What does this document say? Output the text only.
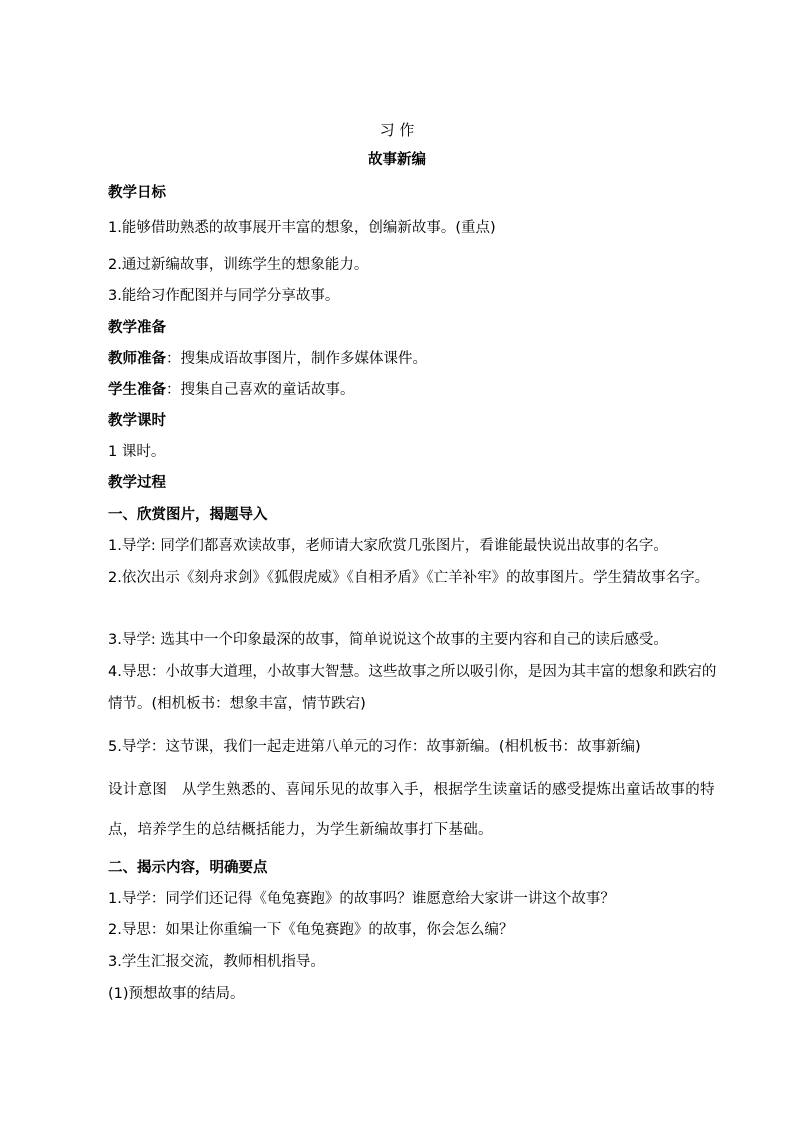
习 作
故事新编
教学日标
1.能够借助熟悉的故事展开丰富的想象，创编新故事。(重点)
2.通过新编故事，训练学生的想象能力。
3.能给习作配图并与同学分享故事。
教学准备
教师准备：搜集成语故事图片，制作多媒体课件。
学生准备：搜集自己喜欢的童话故事。
教学课时
1 课时。
教学过程
一、欣赏图片，揭题导入
1.导学: 同学们都喜欢读故事，老师请大家欣赏几张图片，看谁能最快说出故事的名字。
2.依次出示《刻舟求剑》《狐假虎威》《自相矛盾》《亡羊补牢》的故事图片。学生猜故事名字。
3.导学: 选其中一个印象最深的故事，简单说说这个故事的主要内容和自己的读后感受。
4.导思：小故事大道理，小故事大智慧。这些故事之所以吸引你，是因为其丰富的想象和跌宕的情节。(相机板书：想象丰富，情节跌宕)
5.导学：这节课，我们一起走进第八单元的习作：故事新编。(相机板书：故事新编)
设计意图　从学生熟悉的、喜闻乐见的故事入手，根据学生读童话的感受提炼出童话故事的特点，培养学生的总结概括能力，为学生新编故事打下基础。
二、揭示内容，明确要点
1.导学：同学们还记得《龟兔赛跑》的故事吗？谁愿意给大家讲一讲这个故事？
2.导思：如果让你重编一下《龟兔赛跑》的故事，你会怎么编？
3.学生汇报交流，教师相机指导。
(1)预想故事的结局。
